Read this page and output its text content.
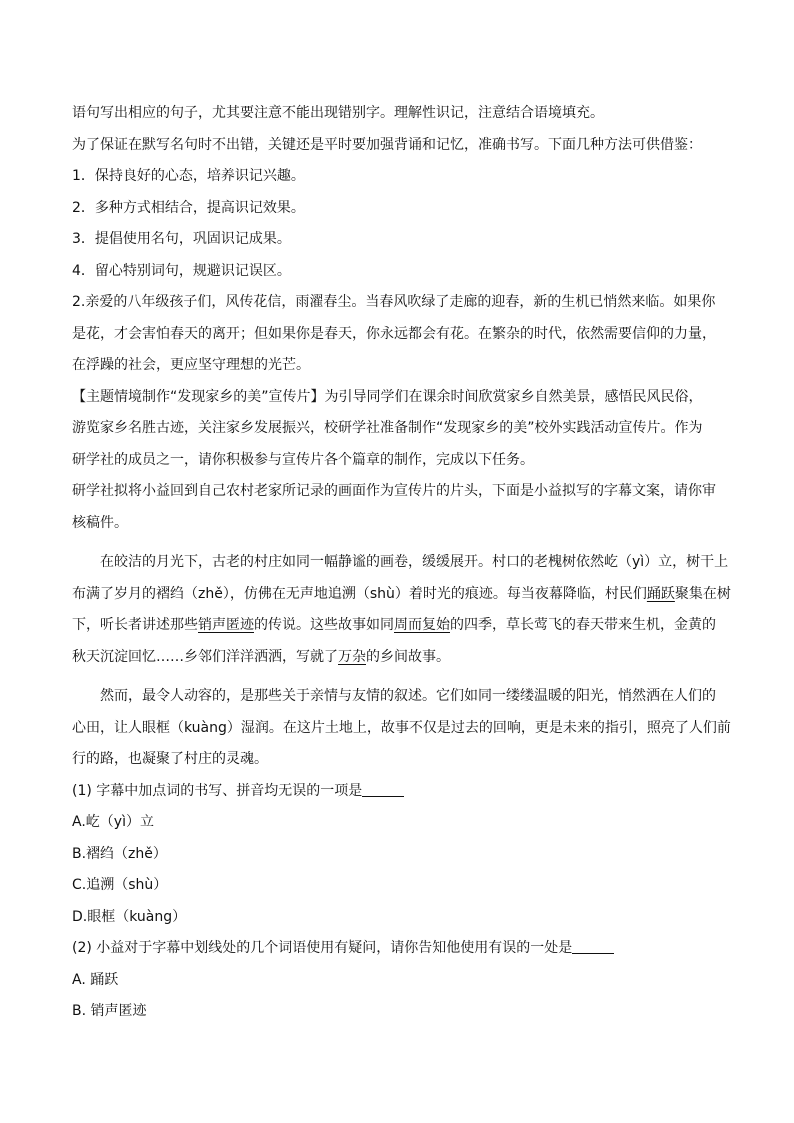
语句写出相应的句子，尤其要注意不能出现错别字。理解性识记，注意结合语境填充。
为了保证在默写名句时不出错，关键还是平时要加强背诵和记忆，准确书写。下面几种方法可供借鉴：
1．保持良好的心态，培养识记兴趣。
2．多种方式相结合，提高识记效果。
3．提倡使用名句，巩固识记成果。
4．留心特别词句，规避识记误区。
2.亲爱的八年级孩子们，风传花信，雨濯春尘。当春风吹绿了走廊的迎春，新的生机已悄然来临。如果你
是花，才会害怕春天的离开；但如果你是春天，你永远都会有花。在繁杂的时代，依然需要信仰的力量，
在浮躁的社会，更应坚守理想的光芒。
【主题情境制作“发现家乡的美”宣传片】为引导同学们在课余时间欣赏家乡自然美景，感悟民风民俗，
游览家乡名胜古迹，关注家乡发展振兴，校研学社准备制作“发现家乡的美”校外实践活动宣传片。作为
研学社的成员之一，请你积极参与宣传片各个篇章的制作，完成以下任务。
研学社拟将小益回到自己农村老家所记录的画面作为宣传片的片头，下面是小益拟写的字幕文案，请你审
核稿件。
在皎洁的月光下，古老的村庄如同一幅静谧的画卷，缓缓展开。村口的老槐树依然屹（yì）立，树干上
布满了岁月的褶绉（zhě），仿佛在无声地追溯（shù）着时光的痕迹。每当夜幕降临，村民们踊跃聚集在树
下，听长者讲述那些销声匿迹的传说。这些故事如同周而复始的四季，草长莺飞的春天带来生机，金黄的
秋天沉淀回忆……乡邻们洋洋洒洒，写就了万杂的乡间故事。
然而，最令人动容的，是那些关于亲情与友情的叙述。它们如同一缕缕温暖的阳光，悄然洒在人们的
心田，让人眼框（kuàng）湿润。在这片土地上，故事不仅是过去的回响，更是未来的指引，照亮了人们前
行的路，也凝聚了村庄的灵魂。
(1) 字幕中加点词的书写、拼音均无误的一项是
A.屹（yì）立
B.褶绉（zhě）
C.追溯（shù）
D.眼框（kuàng）
(2) 小益对于字幕中划线处的几个词语使用有疑问，请你告知他使用有误的一处是
A. 踊跃
B. 销声匿迹
